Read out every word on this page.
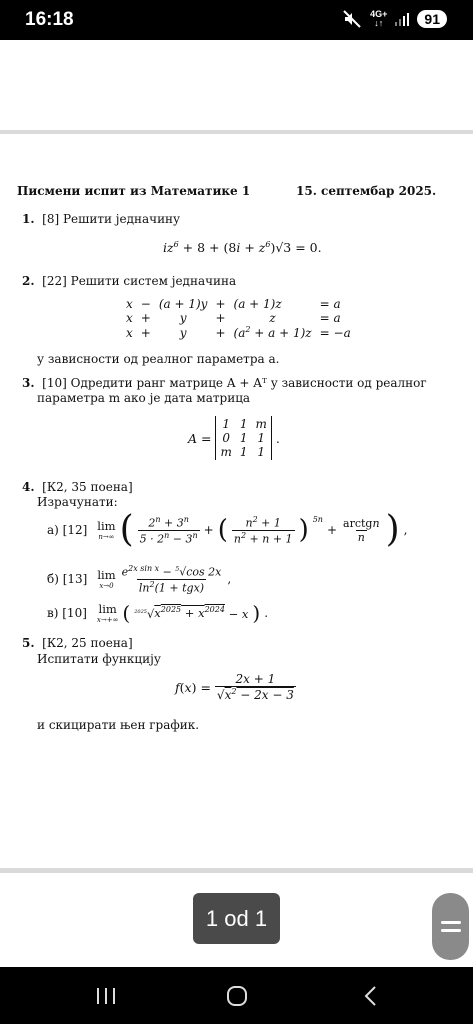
16:18	4G+
↓↑	91
Писмени испит из Математике 1	15. септембар 2025.
1. [8] Решити једначину
$iz^6 + 8 + (8i + z^6)√3 = 0$.
2. [22] Решити систем једначина
x	−	(a + 1)y	+	(a + 1)z	= a
x	+	y	+	z	= a
x	+	y	+	$(a^2 + a + 1)z$	= −a
у зависности од реалног параметра a.
3. [10] Одредити ранг матрице A + Aᵀ у зависности од реалног
параметра m ако је дата матрица
A =
1	1	m
0	1	1
m	1	1
.
4. [К2, 35 поена]
Израчунати:
а) [12] lim
n→∞ ( $\frac{2^n + 3^n}{5 \cdot 2^n - 3^n}$ + ( $\frac{n^2 + 1}{n^2 + n + 1}$ ) 5n
+ $\frac{\text{arctgn}}{n}$ ) ,
б) [13] lim
$x\to 0 \frac{e^{2x sin x} - ^5√\cos 2x}{\ln^2(1 + tgx)}$ ,
в) [10] lim
x→+∞ ( $^{2025}√x^{2025} + x^{2024} - x$ ) .
5. [К2, 25 поена]
Испитати функцију
$f(x) = \frac{2x + 1}{√x^2 - 2x - 3}$
и скицирати њен график.
1 od 1
